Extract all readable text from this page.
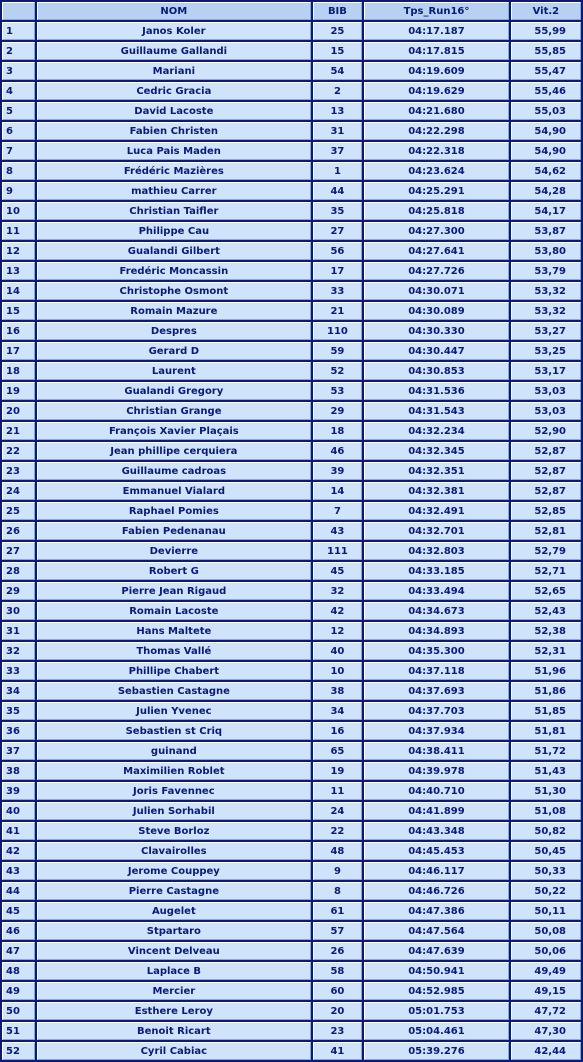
	NOM	BIB	Tps_Run16°	Vit.2
1	Janos Koler	25	04:17.187	55,99
2	Guillaume Gallandi	15	04:17.815	55,85
3	Mariani	54	04:19.609	55,47
4	Cedric Gracia	2	04:19.629	55,46
5	David Lacoste	13	04:21.680	55,03
6	Fabien Christen	31	04:22.298	54,90
7	Luca Pais Maden	37	04:22.318	54,90
8	Frédéric Mazières	1	04:23.624	54,62
9	mathieu Carrer	44	04:25.291	54,28
10	Christian Taifler	35	04:25.818	54,17
11	Philippe Cau	27	04:27.300	53,87
12	Gualandi Gilbert	56	04:27.641	53,80
13	Fredéric Moncassin	17	04:27.726	53,79
14	Christophe Osmont	33	04:30.071	53,32
15	Romain Mazure	21	04:30.089	53,32
16	Despres	110	04:30.330	53,27
17	Gerard D	59	04:30.447	53,25
18	Laurent	52	04:30.853	53,17
19	Gualandi Gregory	53	04:31.536	53,03
20	Christian Grange	29	04:31.543	53,03
21	François Xavier Plaçais	18	04:32.234	52,90
22	Jean phillipe cerquiera	46	04:32.345	52,87
23	Guillaume cadroas	39	04:32.351	52,87
24	Emmanuel Vialard	14	04:32.381	52,87
25	Raphael Pomies	7	04:32.491	52,85
26	Fabien Pedenanau	43	04:32.701	52,81
27	Devierre	111	04:32.803	52,79
28	Robert G	45	04:33.185	52,71
29	Pierre Jean Rigaud	32	04:33.494	52,65
30	Romain Lacoste	42	04:34.673	52,43
31	Hans Maltete	12	04:34.893	52,38
32	Thomas Vallé	40	04:35.300	52,31
33	Phillipe Chabert	10	04:37.118	51,96
34	Sebastien Castagne	38	04:37.693	51,86
35	Julien Yvenec	34	04:37.703	51,85
36	Sebastien st Criq	16	04:37.934	51,81
37	guinand	65	04:38.411	51,72
38	Maximilien Roblet	19	04:39.978	51,43
39	Joris Favennec	11	04:40.710	51,30
40	Julien Sorhabil	24	04:41.899	51,08
41	Steve Borloz	22	04:43.348	50,82
42	Clavairolles	48	04:45.453	50,45
43	Jerome Couppey	9	04:46.117	50,33
44	Pierre Castagne	8	04:46.726	50,22
45	Augelet	61	04:47.386	50,11
46	Stpartaro	57	04:47.564	50,08
47	Vincent Delveau	26	04:47.639	50,06
48	Laplace B	58	04:50.941	49,49
49	Mercier	60	04:52.985	49,15
50	Esthere Leroy	20	05:01.753	47,72
51	Benoit Ricart	23	05:04.461	47,30
52	Cyril Cabiac	41	05:39.276	42,44
